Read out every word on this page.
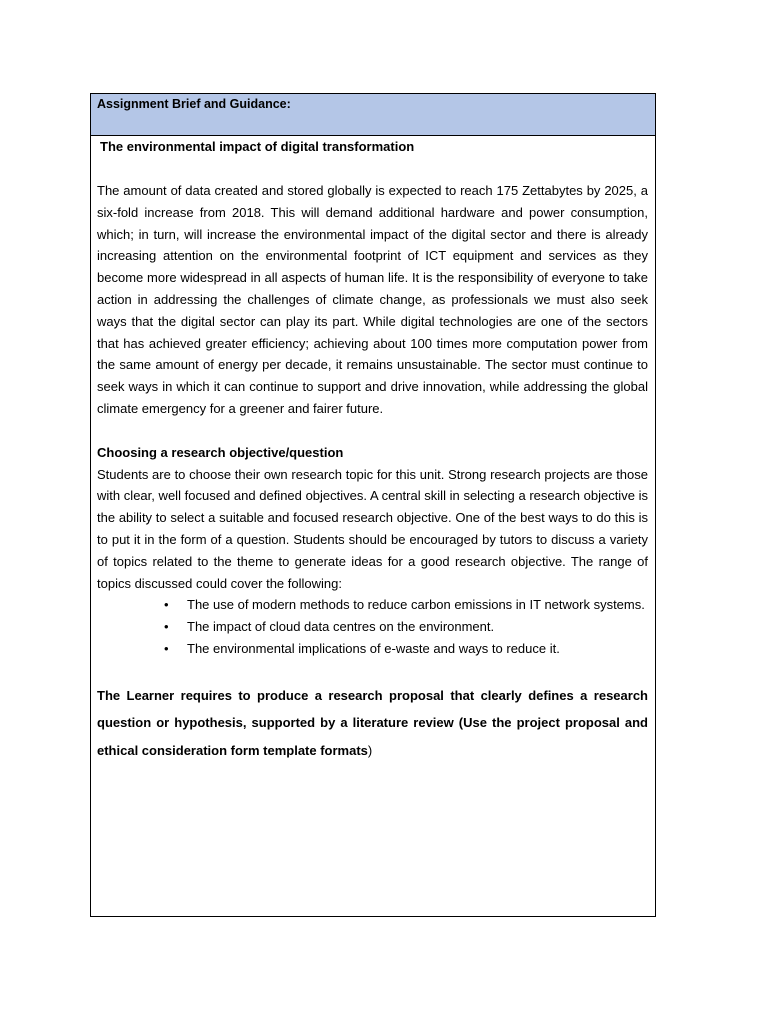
Assignment Brief and Guidance:
The environmental impact of digital transformation

The amount of data created and stored globally is expected to reach 175 Zettabytes by 2025, a six-fold increase from 2018. This will demand additional hardware and power consumption, which; in turn, will increase the environmental impact of the digital sector and there is already increasing attention on the environmental footprint of ICT equipment and services as they become more widespread in all aspects of human life. It is the responsibility of everyone to take action in addressing the challenges of climate change, as professionals we must also seek ways that the digital sector can play its part. While digital technologies are one of the sectors that has achieved greater efficiency; achieving about 100 times more computation power from the same amount of energy per decade, it remains unsustainable. The sector must continue to seek ways in which it can continue to support and drive innovation, while addressing the global climate emergency for a greener and fairer future.

Choosing a research objective/question

Students are to choose their own research topic for this unit. Strong research projects are those with clear, well focused and defined objectives. A central skill in selecting a research objective is the ability to select a suitable and focused research objective. One of the best ways to do this is to put it in the form of a question. Students should be encouraged by tutors to discuss a variety of topics related to the theme to generate ideas for a good research objective. The range of topics discussed could cover the following:

• The use of modern methods to reduce carbon emissions in IT network systems.
• The impact of cloud data centres on the environment.
• The environmental implications of e-waste and ways to reduce it.

The Learner requires to produce a research proposal that clearly defines a research question or hypothesis, supported by a literature review (Use the project proposal and ethical consideration form template formats)
